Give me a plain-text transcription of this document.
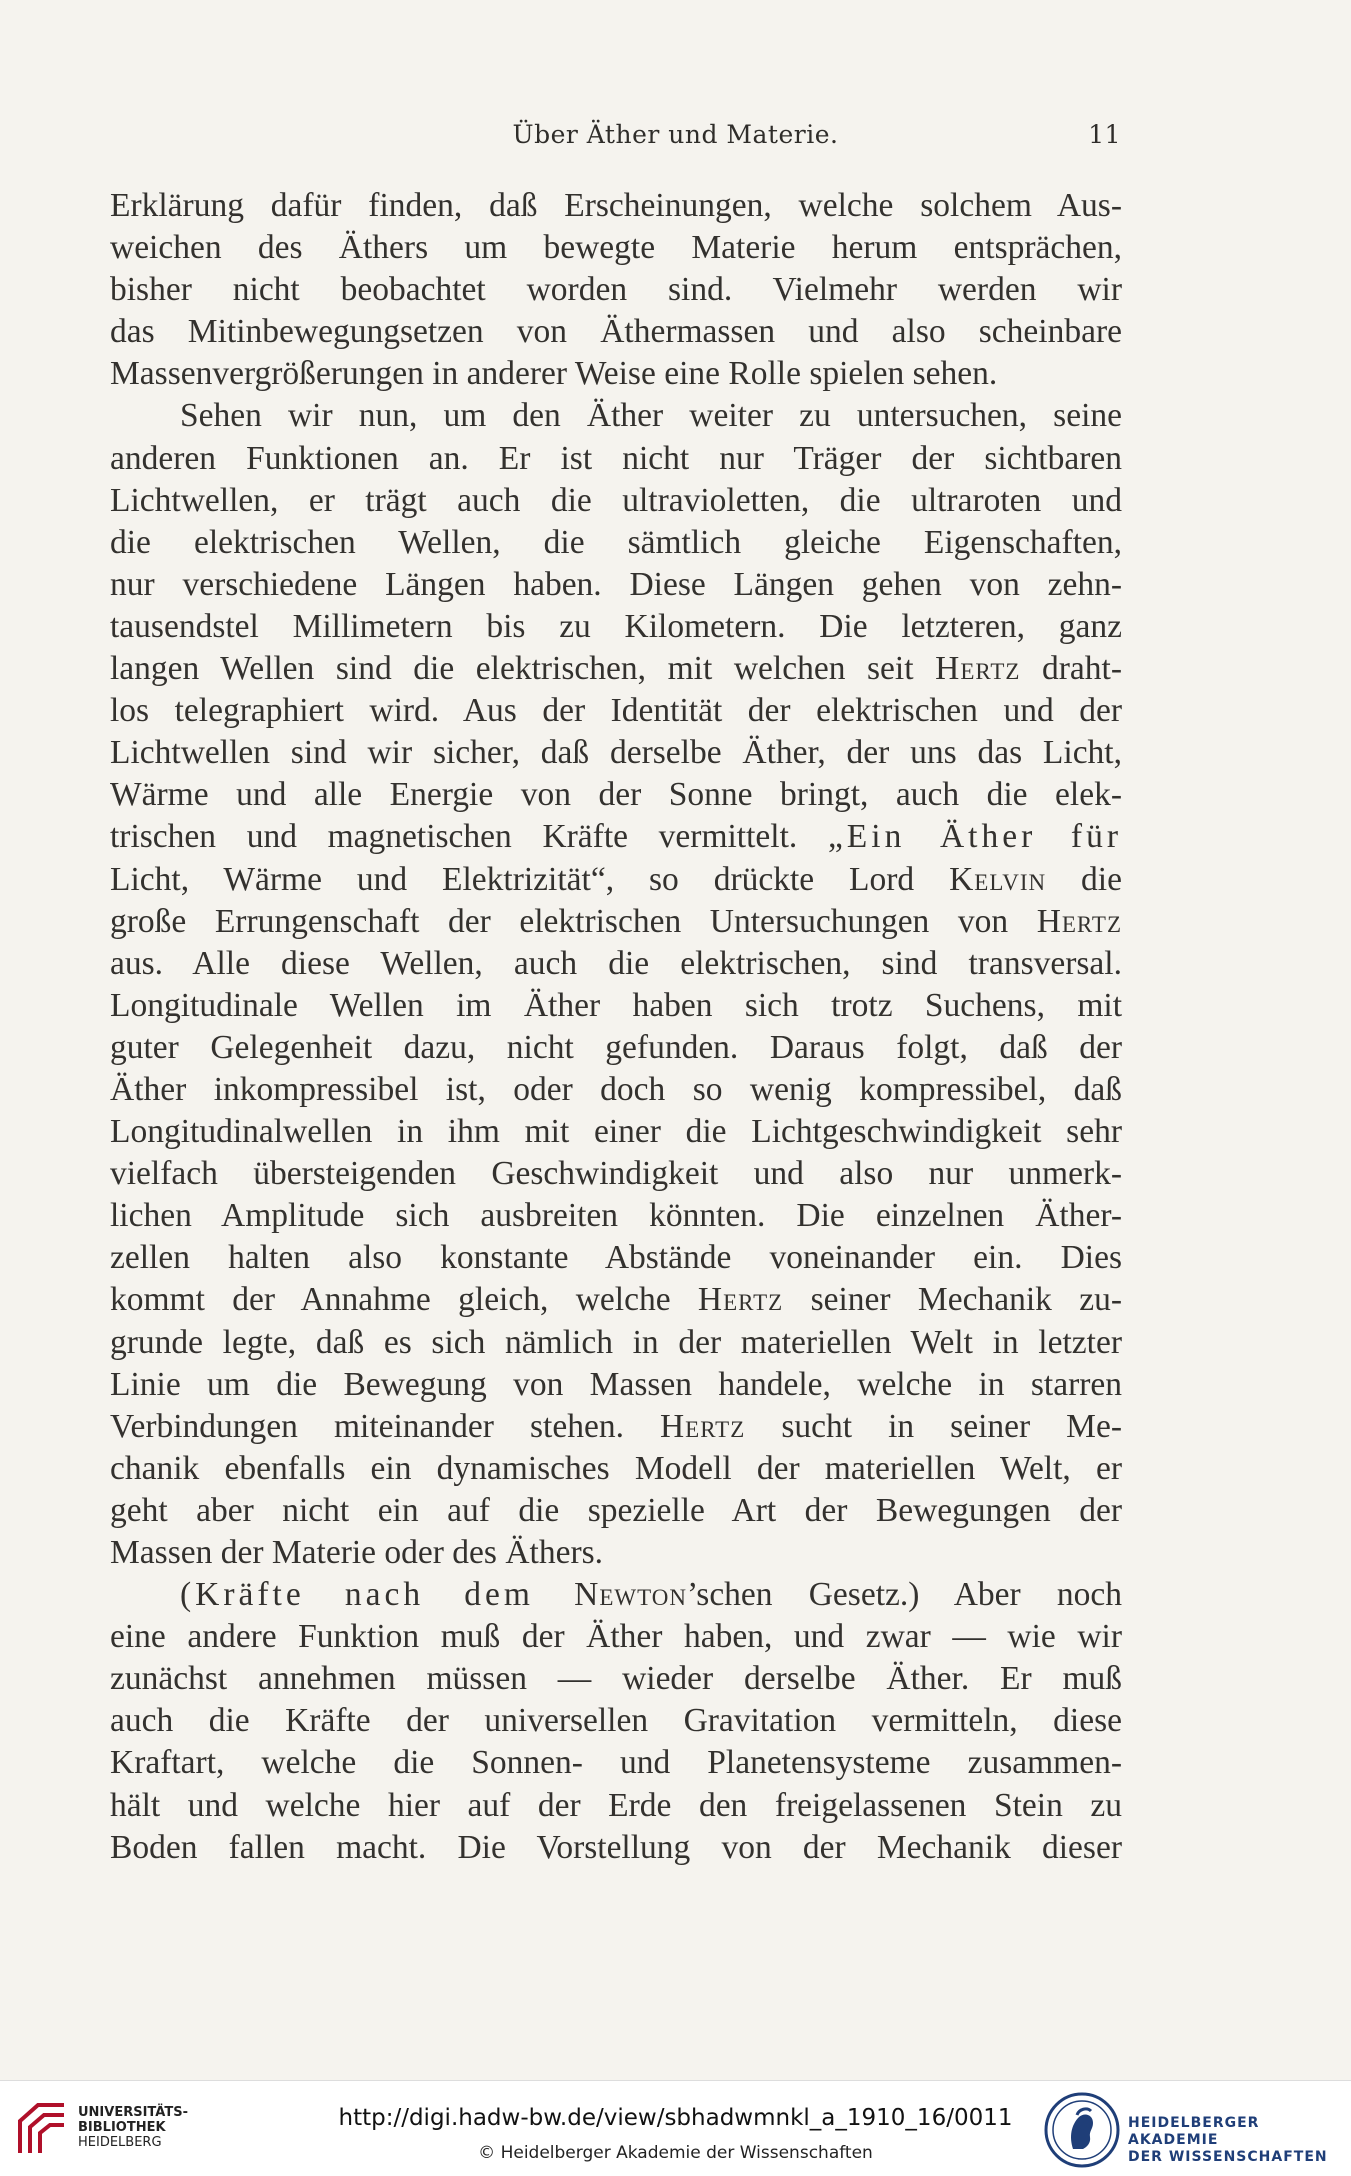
Über Äther und Materie.	11
Erklärung dafür finden, daß Erscheinungen, welche solchem Aus-
weichen des Äthers um bewegte Materie herum entsprächen,
bisher nicht beobachtet worden sind. Vielmehr werden wir
das Mitinbewegungsetzen von Äthermassen und also scheinbare
Massenvergrößerungen in anderer Weise eine Rolle spielen sehen.
Sehen wir nun, um den Äther weiter zu untersuchen, seine
anderen Funktionen an. Er ist nicht nur Träger der sichtbaren
Lichtwellen, er trägt auch die ultravioletten, die ultraroten und
die elektrischen Wellen, die sämtlich gleiche Eigenschaften,
nur verschiedene Längen haben. Diese Längen gehen von zehn-
tausendstel Millimetern bis zu Kilometern. Die letzteren, ganz
langen Wellen sind die elektrischen, mit welchen seit Hertz draht-
los telegraphiert wird. Aus der Identität der elektrischen und der
Lichtwellen sind wir sicher, daß derselbe Äther, der uns das Licht,
Wärme und alle Energie von der Sonne bringt, auch die elek-
trischen und magnetischen Kräfte vermittelt. „Ein Äther für
Licht, Wärme und Elektrizität“, so drückte Lord Kelvin die
große Errungenschaft der elektrischen Untersuchungen von Hertz
aus. Alle diese Wellen, auch die elektrischen, sind transversal.
Longitudinale Wellen im Äther haben sich trotz Suchens, mit
guter Gelegenheit dazu, nicht gefunden. Daraus folgt, daß der
Äther inkompressibel ist, oder doch so wenig kompressibel, daß
Longitudinalwellen in ihm mit einer die Lichtgeschwindigkeit sehr
vielfach übersteigenden Geschwindigkeit und also nur unmerk-
lichen Amplitude sich ausbreiten könnten. Die einzelnen Äther-
zellen halten also konstante Abstände voneinander ein. Dies
kommt der Annahme gleich, welche Hertz seiner Mechanik zu-
grunde legte, daß es sich nämlich in der materiellen Welt in letzter
Linie um die Bewegung von Massen handele, welche in starren
Verbindungen miteinander stehen. Hertz sucht in seiner Me-
chanik ebenfalls ein dynamisches Modell der materiellen Welt, er
geht aber nicht ein auf die spezielle Art der Bewegungen der
Massen der Materie oder des Äthers.
(Kräfte nach dem Newton’schen Gesetz.) Aber noch
eine andere Funktion muß der Äther haben, und zwar — wie wir
zunächst annehmen müssen — wieder derselbe Äther. Er muß
auch die Kräfte der universellen Gravitation vermitteln, diese
Kraftart, welche die Sonnen- und Planetensysteme zusammen-
hält und welche hier auf der Erde den freigelassenen Stein zu
Boden fallen macht. Die Vorstellung von der Mechanik dieser
UNIVERSITÄTS-
BIBLIOTHEK
HEIDELBERG
http://digi.hadw-bw.de/view/sbhadwmnkl_a_1910_16/0011
© Heidelberger Akademie der Wissenschaften
HEIDELBERGER AKADEMIE
DER WISSENSCHAFTEN
